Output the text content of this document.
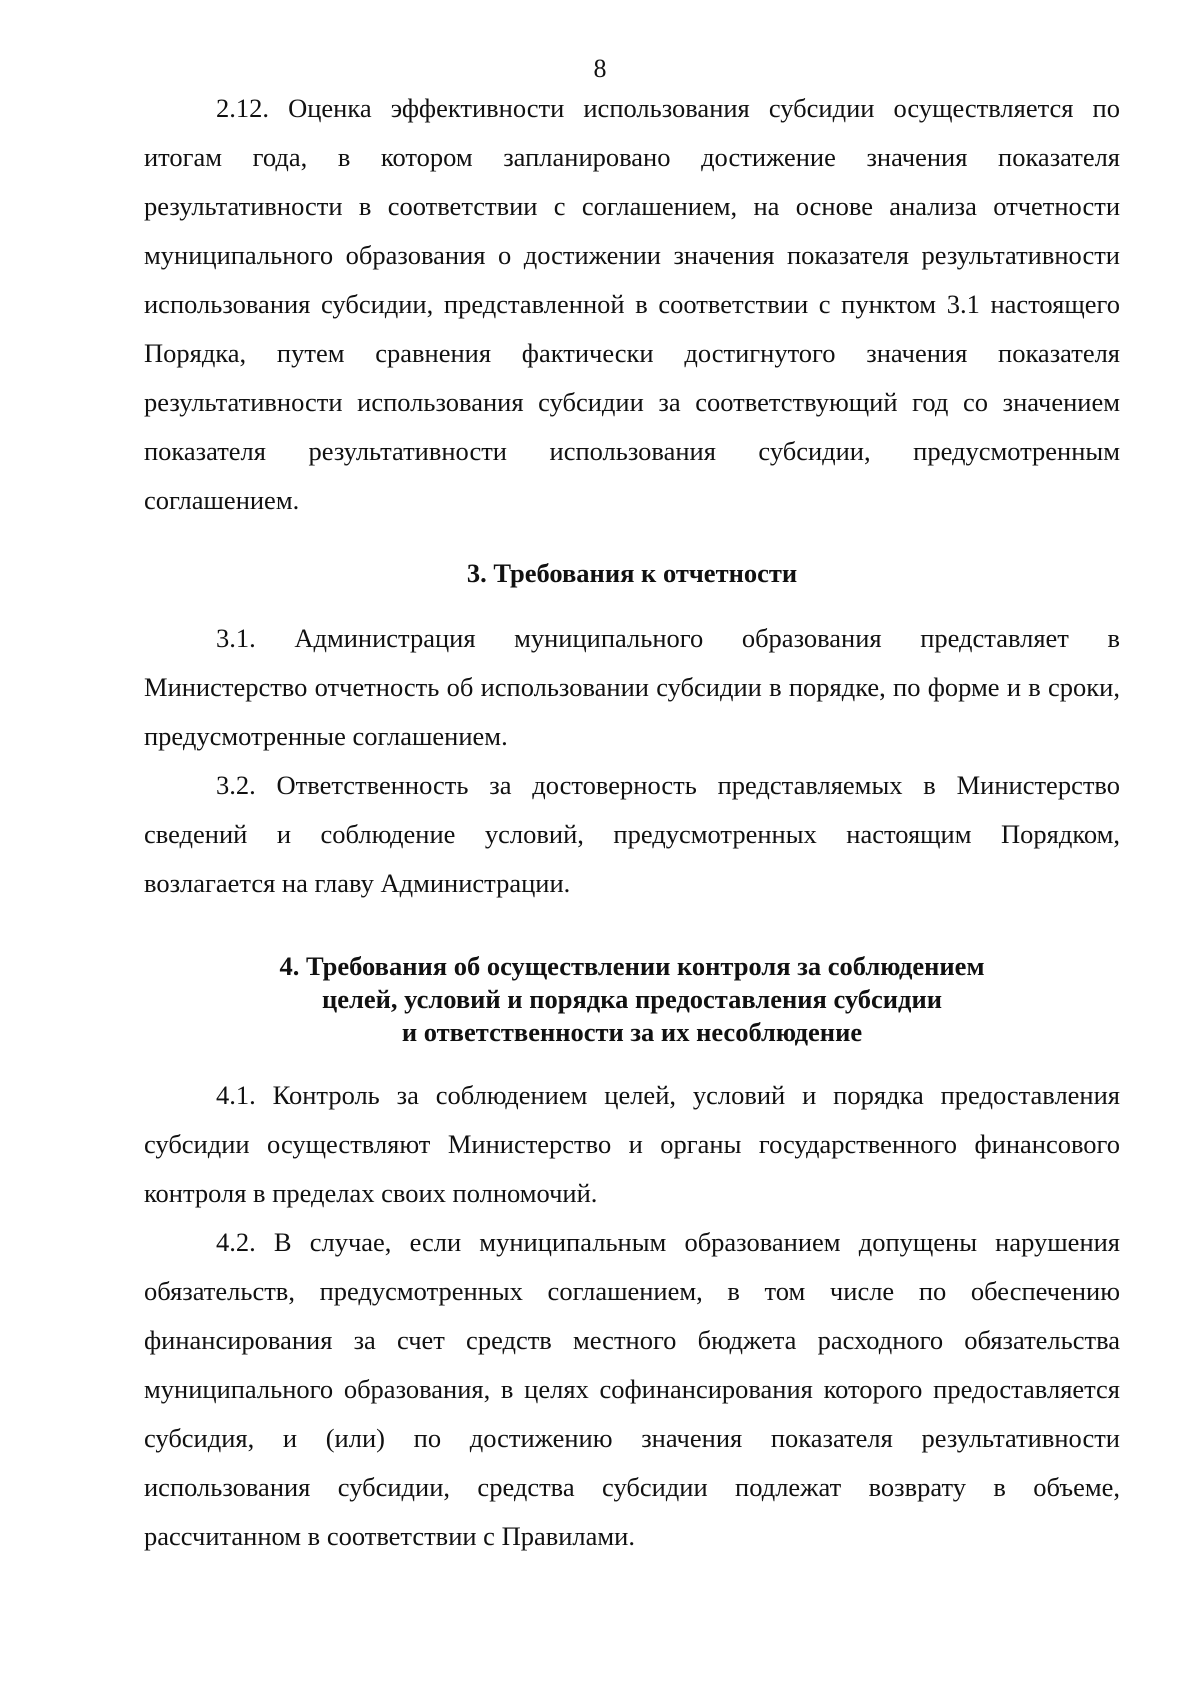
8

2.12. Оценка эффективности использования субсидии осуществляется по итогам года, в котором запланировано достижение значения показателя результативности в соответствии с соглашением, на основе анализа отчетности муниципального образования о достижении значения показателя результативности использования субсидии, представленной в соответствии с пунктом 3.1 настоящего Порядка, путем сравнения фактически достигнутого значения показателя результативности использования субсидии за соответствующий год со значением показателя результативности использования субсидии, предусмотренным соглашением.

3. Требования к отчетности

3.1. Администрация муниципального образования представляет в Министерство отчетность об использовании субсидии в порядке, по форме и в сроки, предусмотренные соглашением.

3.2. Ответственность за достоверность представляемых в Министерство сведений и соблюдение условий, предусмотренных настоящим Порядком, возлагается на главу Администрации.

4. Требования об осуществлении контроля за соблюдением
целей, условий и порядка предоставления субсидии
и ответственности за их несоблюдение

4.1. Контроль за соблюдением целей, условий и порядка предоставления субсидии осуществляют Министерство и органы государственного финансового контроля в пределах своих полномочий.

4.2. В случае, если муниципальным образованием допущены нарушения обязательств, предусмотренных соглашением, в том числе по обеспечению финансирования за счет средств местного бюджета расходного обязательства муниципального образования, в целях софинансирования которого предоставляется субсидия, и (или) по достижению значения показателя результативности использования субсидии, средства субсидии подлежат возврату в объеме, рассчитанном в соответствии с Правилами.
